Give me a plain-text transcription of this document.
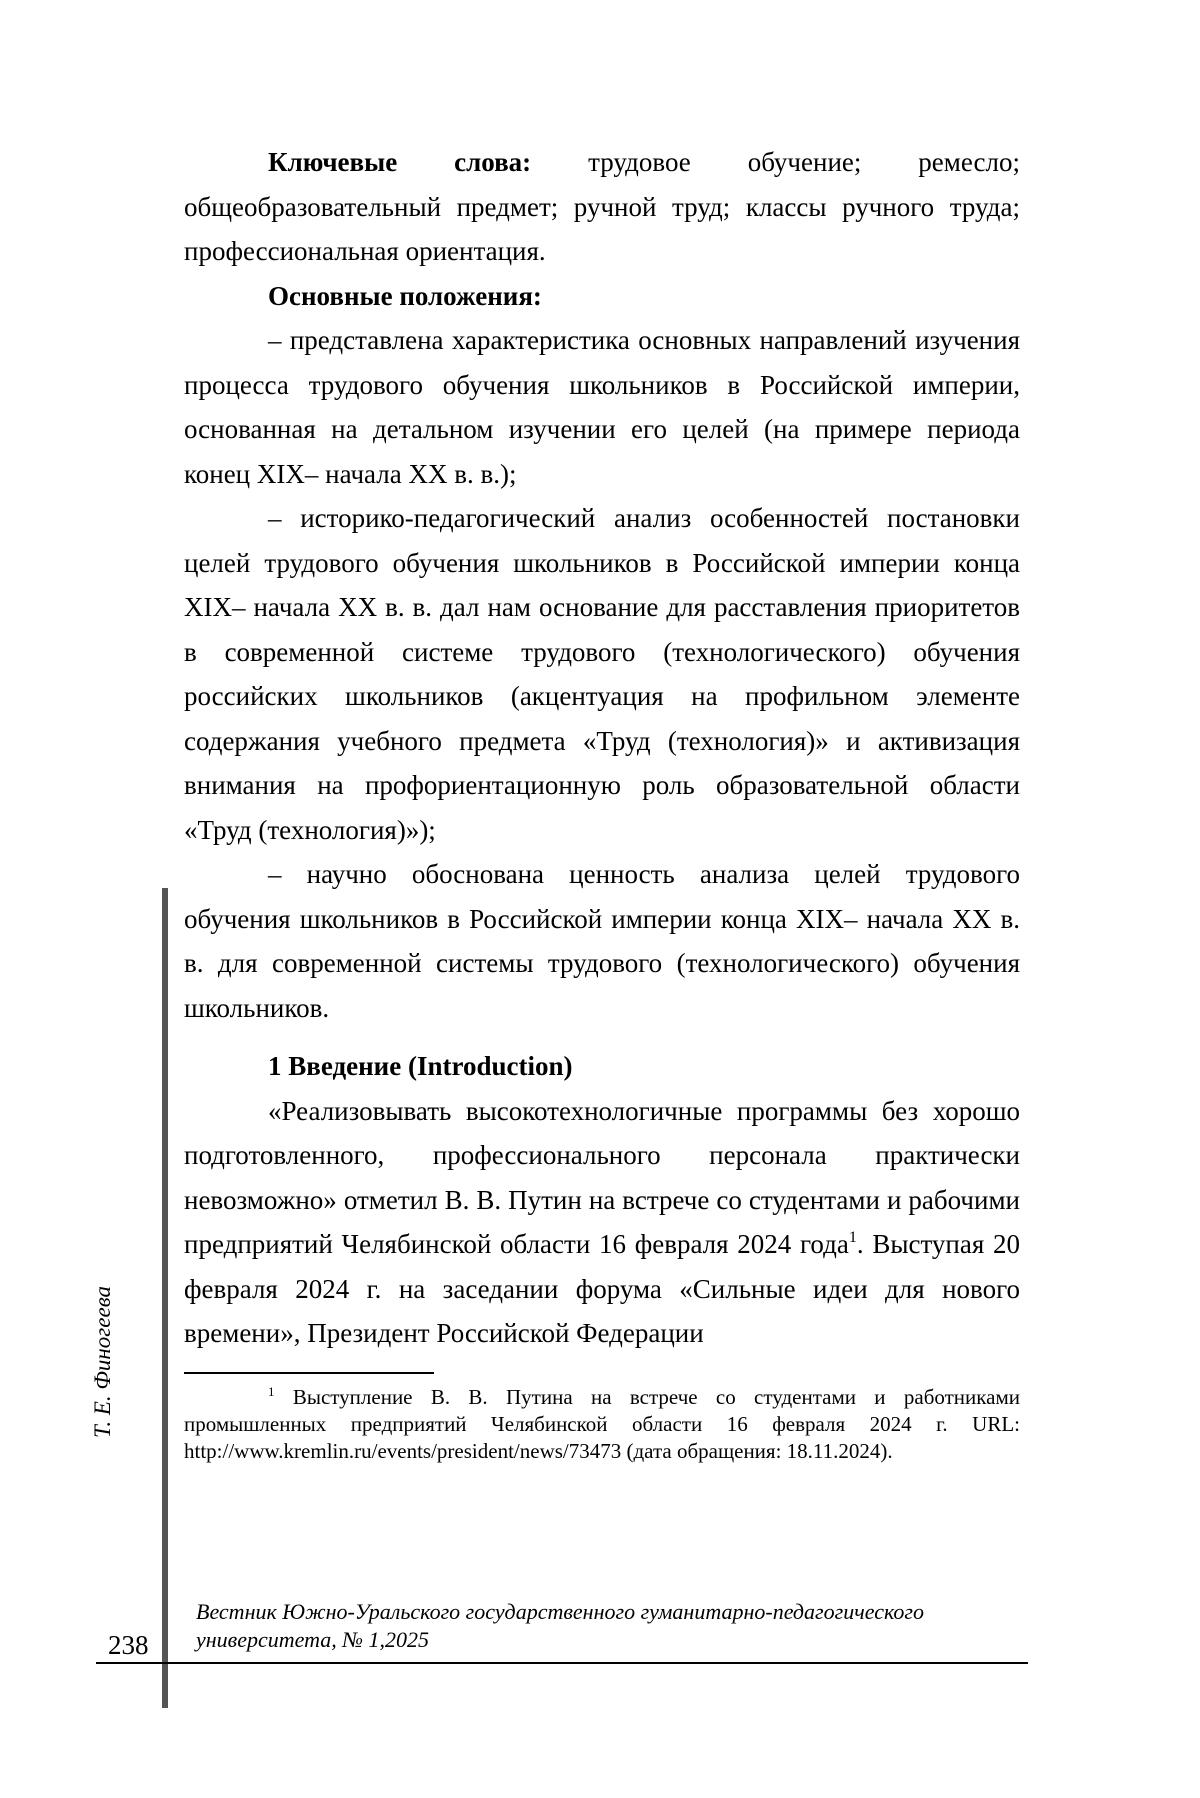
Ключевые слова: трудовое обучение; ремесло; общеобразовательный предмет; ручной труд; классы ручного труда; профессиональная ориентация.

Основные положения:

– представлена характеристика основных направлений изучения процесса трудового обучения школьников в Российской империи, основанная на детальном изучении его целей (на примере периода конец XIX– начала XX в. в.);

– историко-педагогический анализ особенностей постановки целей трудового обучения школьников в Российской империи конца XIX– начала XX в. в. дал нам основание для расставления приоритетов в современной системе трудового (технологического) обучения российских школьников (акцентуация на профильном элементе содержания учебного предмета «Труд (технология)» и активизация внимания на профориентационную роль образовательной области «Труд (технология)»);

– научно обоснована ценность анализа целей трудового обучения школьников в Российской империи конца XIX– начала XX в. в. для современной системы трудового (технологического) обучения школьников.

1 Введение (Introduction)

«Реализовывать высокотехнологичные программы без хорошо подготовленного, профессионального персонала практически невозможно» отметил В. В. Путин на встрече со студентами и рабочими предприятий Челябинской области 16 февраля 2024 года1. Выступая 20 февраля 2024 г. на заседании форума «Сильные идеи для нового времени», Президент Российской Федерации

1 Выступление В. В. Путина на встрече со студентами и работниками промышленных предприятий Челябинской области 16 февраля 2024 г. URL: http://www.kremlin.ru/events/president/news/73473 (дата обращения: 18.11.2024).

Т. Е. Финогеева
238

Вестник Южно-Уральского государственного гуманитарно-педагогического

университета, № 1,2025
